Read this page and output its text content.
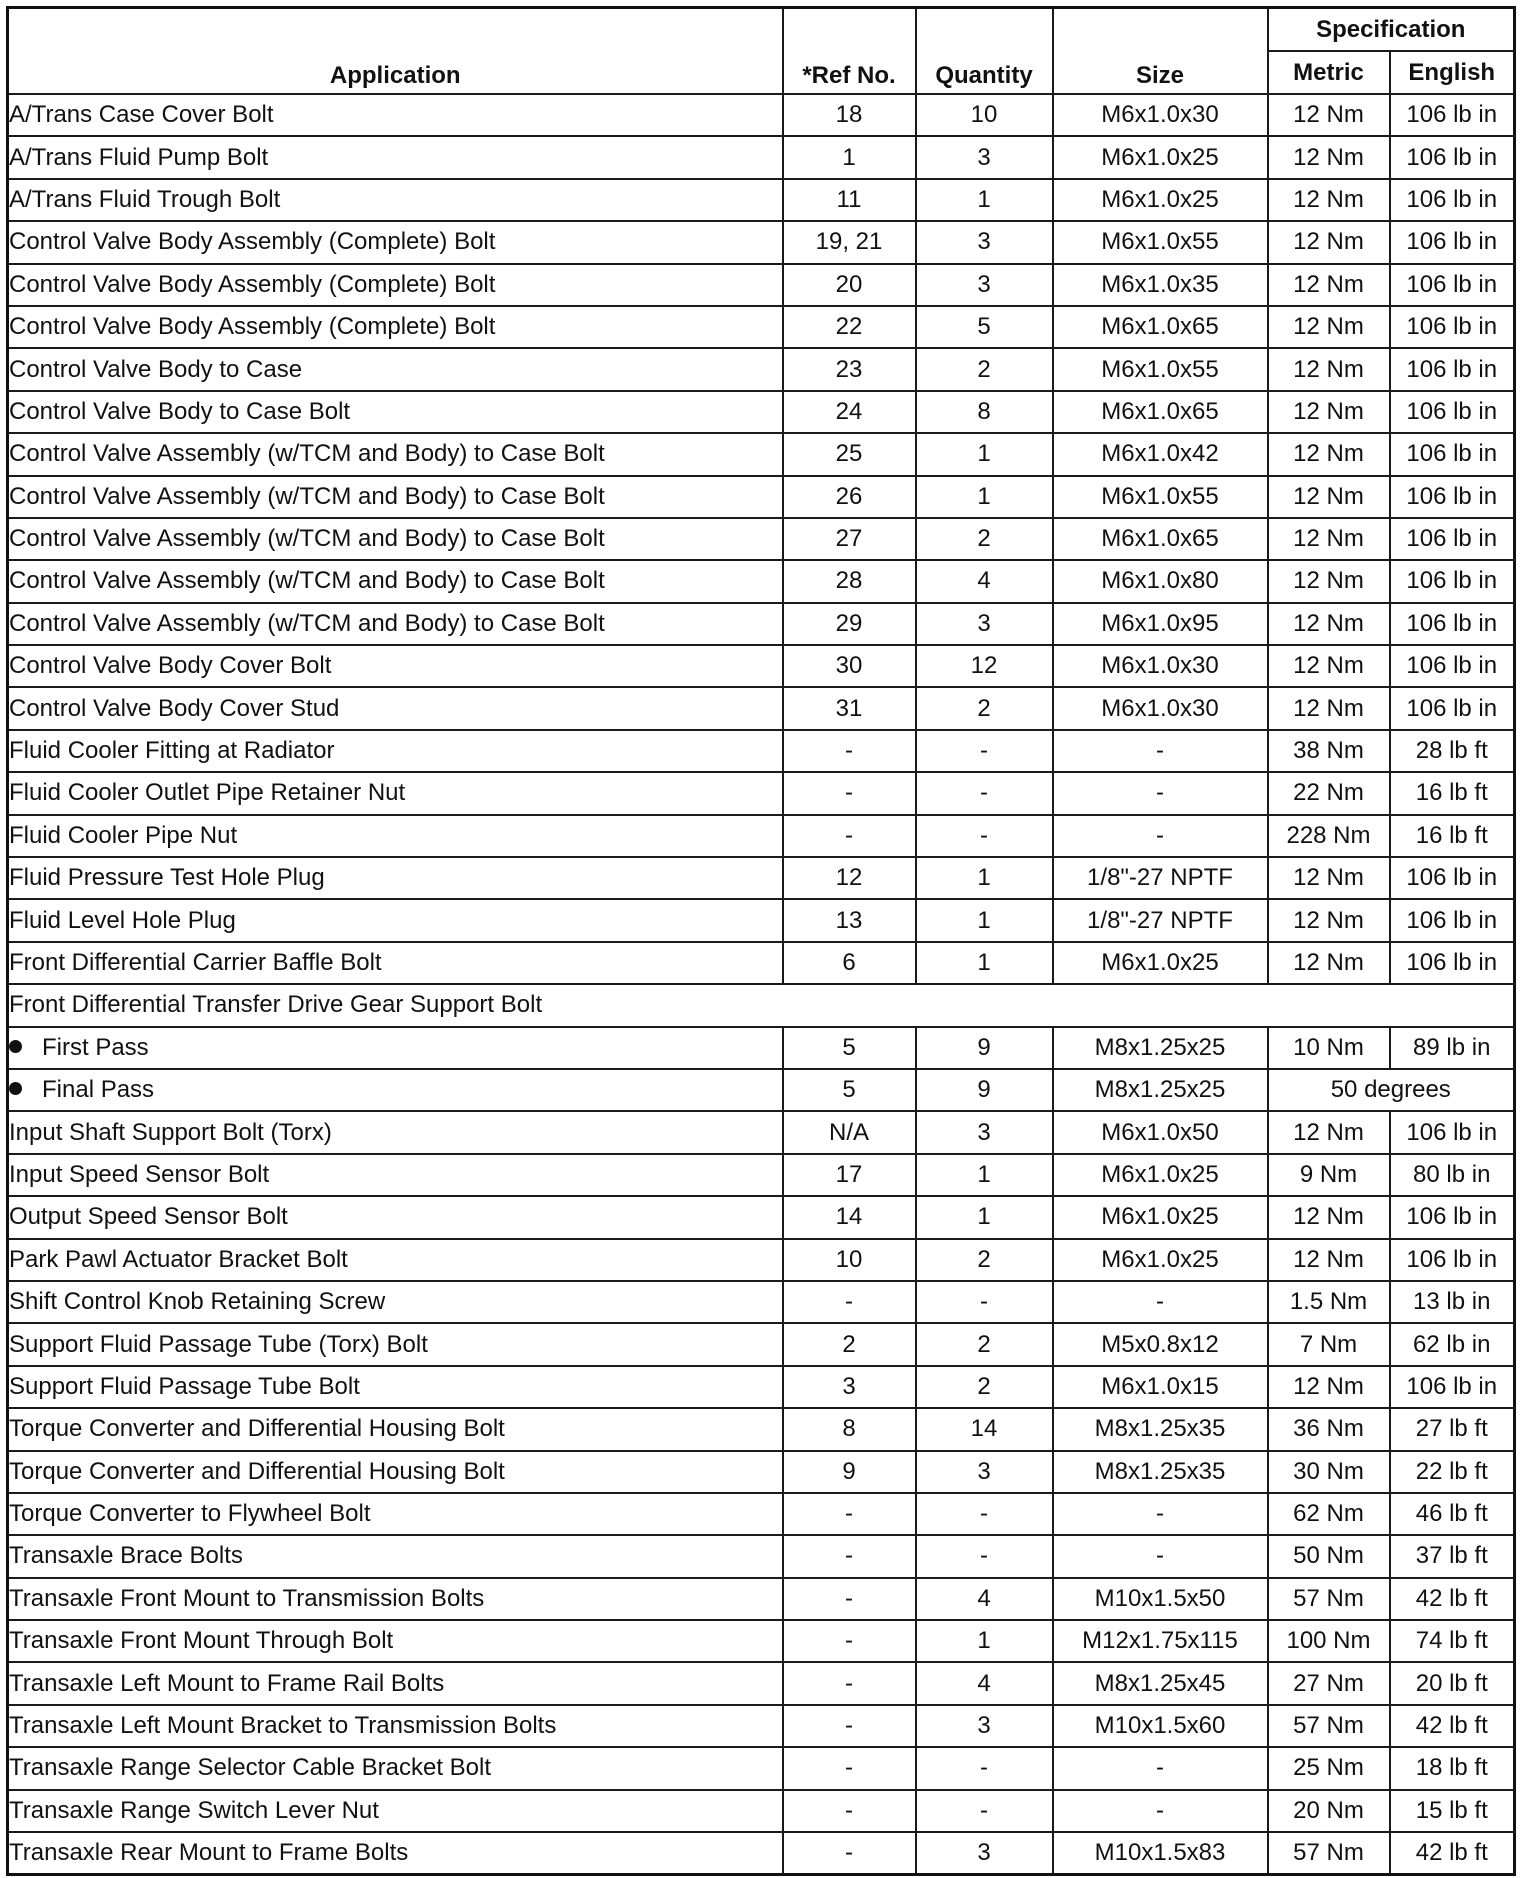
Application	*Ref No.	Quantity	Size	Specification	
				Metric	English
A/Trans Case Cover Bolt	18	10	M6x1.0x30	12 Nm	106 lb in
A/Trans Fluid Pump Bolt	1	3	M6x1.0x25	12 Nm	106 lb in
A/Trans Fluid Trough Bolt	11	1	M6x1.0x25	12 Nm	106 lb in
Control Valve Body Assembly (Complete) Bolt	19, 21	3	M6x1.0x55	12 Nm	106 lb in
Control Valve Body Assembly (Complete) Bolt	20	3	M6x1.0x35	12 Nm	106 lb in
Control Valve Body Assembly (Complete) Bolt	22	5	M6x1.0x65	12 Nm	106 lb in
Control Valve Body to Case	23	2	M6x1.0x55	12 Nm	106 lb in
Control Valve Body to Case Bolt	24	8	M6x1.0x65	12 Nm	106 lb in
Control Valve Assembly (w/TCM and Body) to Case Bolt	25	1	M6x1.0x42	12 Nm	106 lb in
Control Valve Assembly (w/TCM and Body) to Case Bolt	26	1	M6x1.0x55	12 Nm	106 lb in
Control Valve Assembly (w/TCM and Body) to Case Bolt	27	2	M6x1.0x65	12 Nm	106 lb in
Control Valve Assembly (w/TCM and Body) to Case Bolt	28	4	M6x1.0x80	12 Nm	106 lb in
Control Valve Assembly (w/TCM and Body) to Case Bolt	29	3	M6x1.0x95	12 Nm	106 lb in
Control Valve Body Cover Bolt	30	12	M6x1.0x30	12 Nm	106 lb in
Control Valve Body Cover Stud	31	2	M6x1.0x30	12 Nm	106 lb in
Fluid Cooler Fitting at Radiator	-	-	-	38 Nm	28 lb ft
Fluid Cooler Outlet Pipe Retainer Nut	-	-	-	22 Nm	16 lb ft
Fluid Cooler Pipe Nut	-	-	-	228 Nm	16 lb ft
Fluid Pressure Test Hole Plug	12	1	1/8"-27 NPTF	12 Nm	106 lb in
Fluid Level Hole Plug	13	1	1/8"-27 NPTF	12 Nm	106 lb in
Front Differential Carrier Baffle Bolt	6	1	M6x1.0x25	12 Nm	106 lb in
Front Differential Transfer Drive Gear Support Bolt					
First Pass	5	9	M8x1.25x25	10 Nm	89 lb in
Final Pass	5	9	M8x1.25x25	50 degrees	
Input Shaft Support Bolt (Torx)	N/A	3	M6x1.0x50	12 Nm	106 lb in
Input Speed Sensor Bolt	17	1	M6x1.0x25	9 Nm	80 lb in
Output Speed Sensor Bolt	14	1	M6x1.0x25	12 Nm	106 lb in
Park Pawl Actuator Bracket Bolt	10	2	M6x1.0x25	12 Nm	106 lb in
Shift Control Knob Retaining Screw	-	-	-	1.5 Nm	13 lb in
Support Fluid Passage Tube (Torx) Bolt	2	2	M5x0.8x12	7 Nm	62 lb in
Support Fluid Passage Tube Bolt	3	2	M6x1.0x15	12 Nm	106 lb in
Torque Converter and Differential Housing Bolt	8	14	M8x1.25x35	36 Nm	27 lb ft
Torque Converter and Differential Housing Bolt	9	3	M8x1.25x35	30 Nm	22 lb ft
Torque Converter to Flywheel Bolt	-	-	-	62 Nm	46 lb ft
Transaxle Brace Bolts	-	-	-	50 Nm	37 lb ft
Transaxle Front Mount to Transmission Bolts	-	4	M10x1.5x50	57 Nm	42 lb ft
Transaxle Front Mount Through Bolt	-	1	M12x1.75x115	100 Nm	74 lb ft
Transaxle Left Mount to Frame Rail Bolts	-	4	M8x1.25x45	27 Nm	20 lb ft
Transaxle Left Mount Bracket to Transmission Bolts	-	3	M10x1.5x60	57 Nm	42 lb ft
Transaxle Range Selector Cable Bracket Bolt	-	-	-	25 Nm	18 lb ft
Transaxle Range Switch Lever Nut	-	-	-	20 Nm	15 lb ft
Transaxle Rear Mount to Frame Bolts	-	3	M10x1.5x83	57 Nm	42 lb ft
